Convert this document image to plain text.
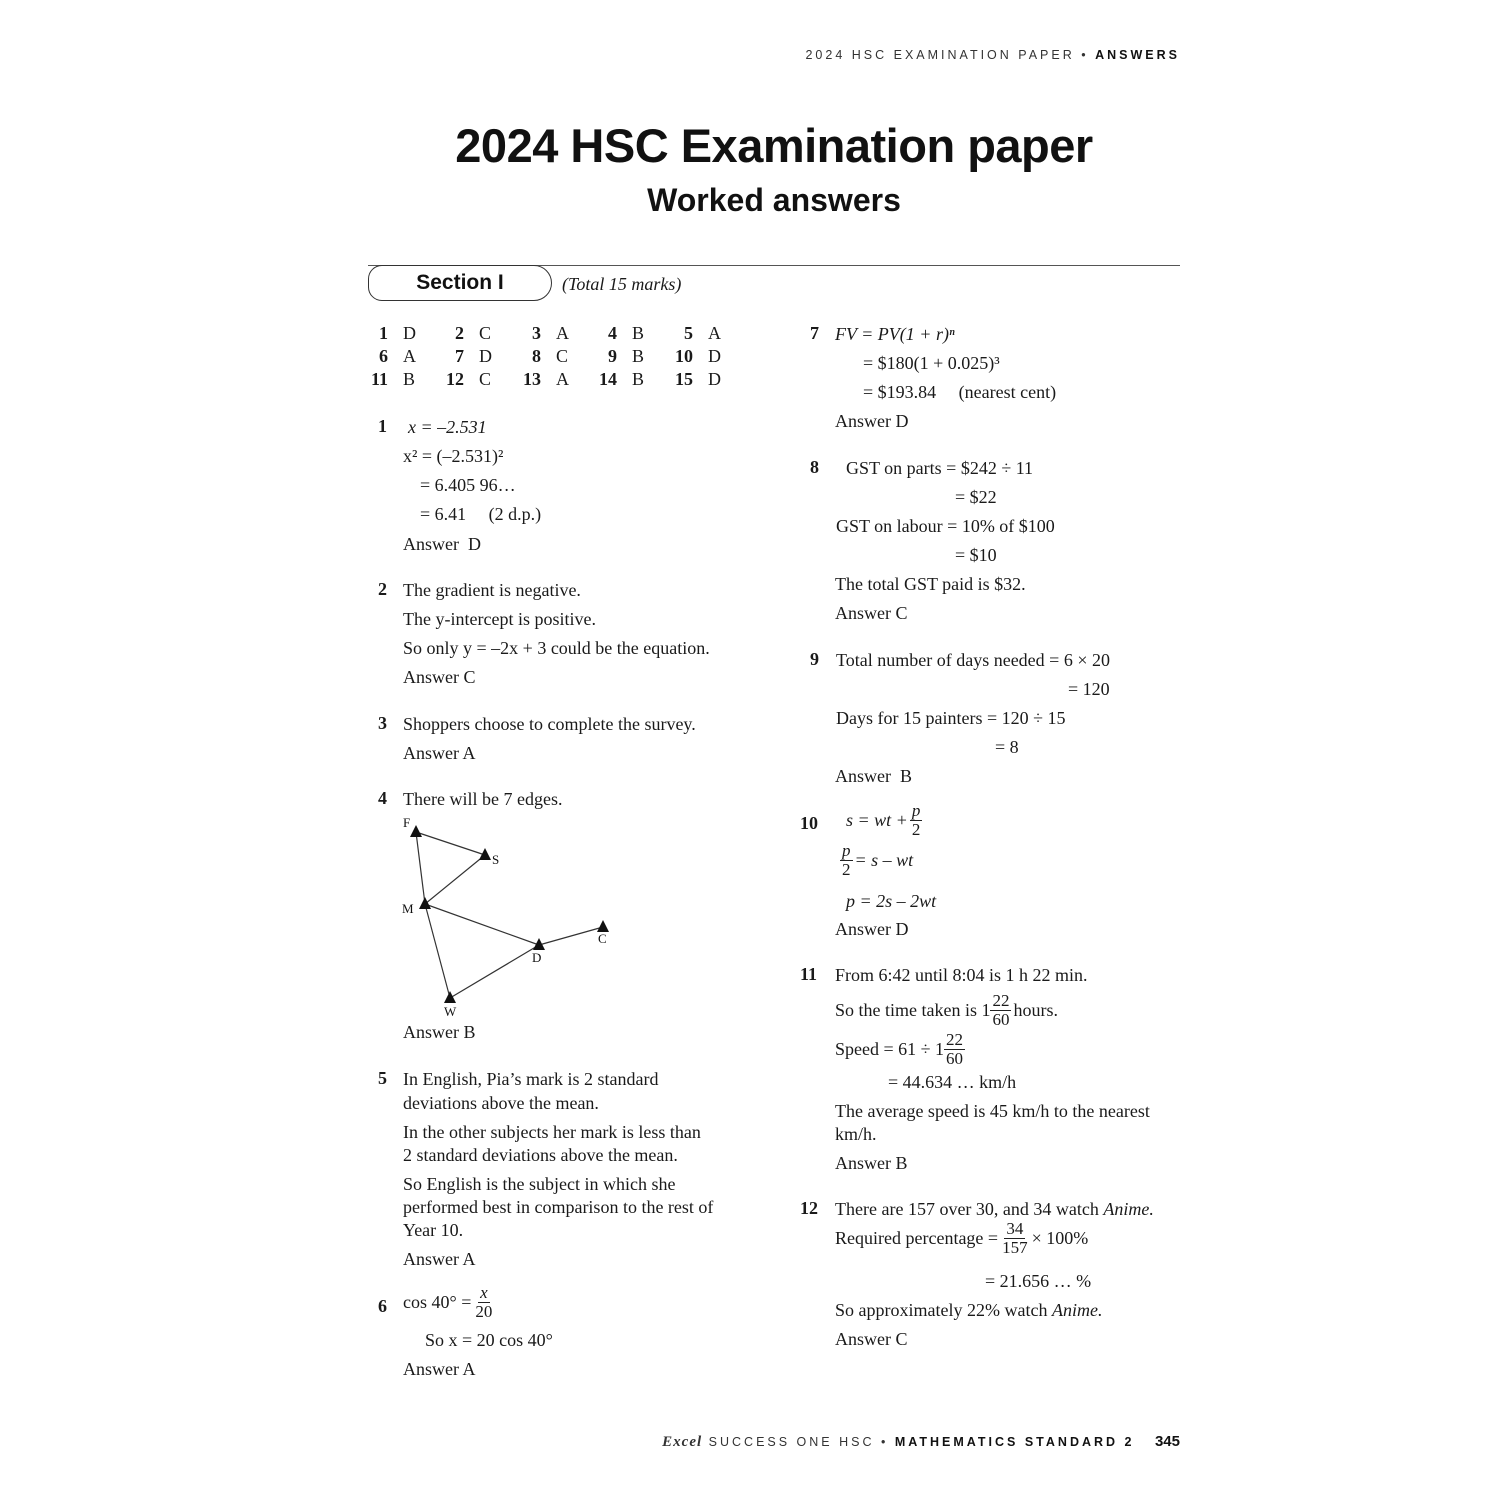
2024 HSC EXAMINATION PAPER • ANSWERS
2024 HSC Examination paper
Worked answers
Section I	(Total 15 marks)
1 D 2 C 3 A 4 B 5 A
6 A 7 D 8 C 9 B 10 D
11 B 12 C 13 A 14 B 15 D
1 x = –2.531
x² = (–2.531)²
= 6.405 96…
= 6.41     (2 d.p.)
Answer  D
2 The gradient is negative.
The y-intercept is positive.
So only y = –2x + 3 could be the equation.
Answer C
3 Shoppers choose to complete the survey.
Answer A
4 There will be 7 edges.
F
S
M
D
C
W
Answer B
5 In English, Pia’s mark is 2 standard
deviations above the mean.
In the other subjects her mark is less than
2 standard deviations above the mean.
So English is the subject in which she
performed best in comparison to the rest of
Year 10.
Answer A
6 $\cos 40^\circ = \frac{x}{20}$
So x = 20 cos 40°
Answer A
7 FV = PV(1 + r)ⁿ
= $180(1 + 0.025)³
= $193.84     (nearest cent)
Answer D
8 GST on parts = $242 ÷ 11
= $22
GST on labour = 10% of $100
= $10
The total GST paid is $32.
Answer C
9 Total number of days needed = 6 × 20
= 120
Days for 15 painters = 120 ÷ 15
= 8
Answer  B
10 s = wt + $\frac{p}{2}$
$\frac{p}{2} = s$ – wt
p = 2s – 2wt
Answer D
11 From 6:42 until 8:04 is 1 h 22 min.
So the time taken is $1 \frac{22}{60}$ hours.
Speed = $61 \div 1 \frac{22}{60}$
= 44.634 … km/h
The average speed is 45 km/h to the nearest
km/h.
Answer B
12 There are 157 over 30, and 34 watch Anime.
Required percentage = $\frac{34}{157} \times 100\%$
= 21.656 … %
So approximately 22% watch Anime.
Answer C
Excel SUCCESS ONE HSC • MATHEMATICS STANDARD 2 345
